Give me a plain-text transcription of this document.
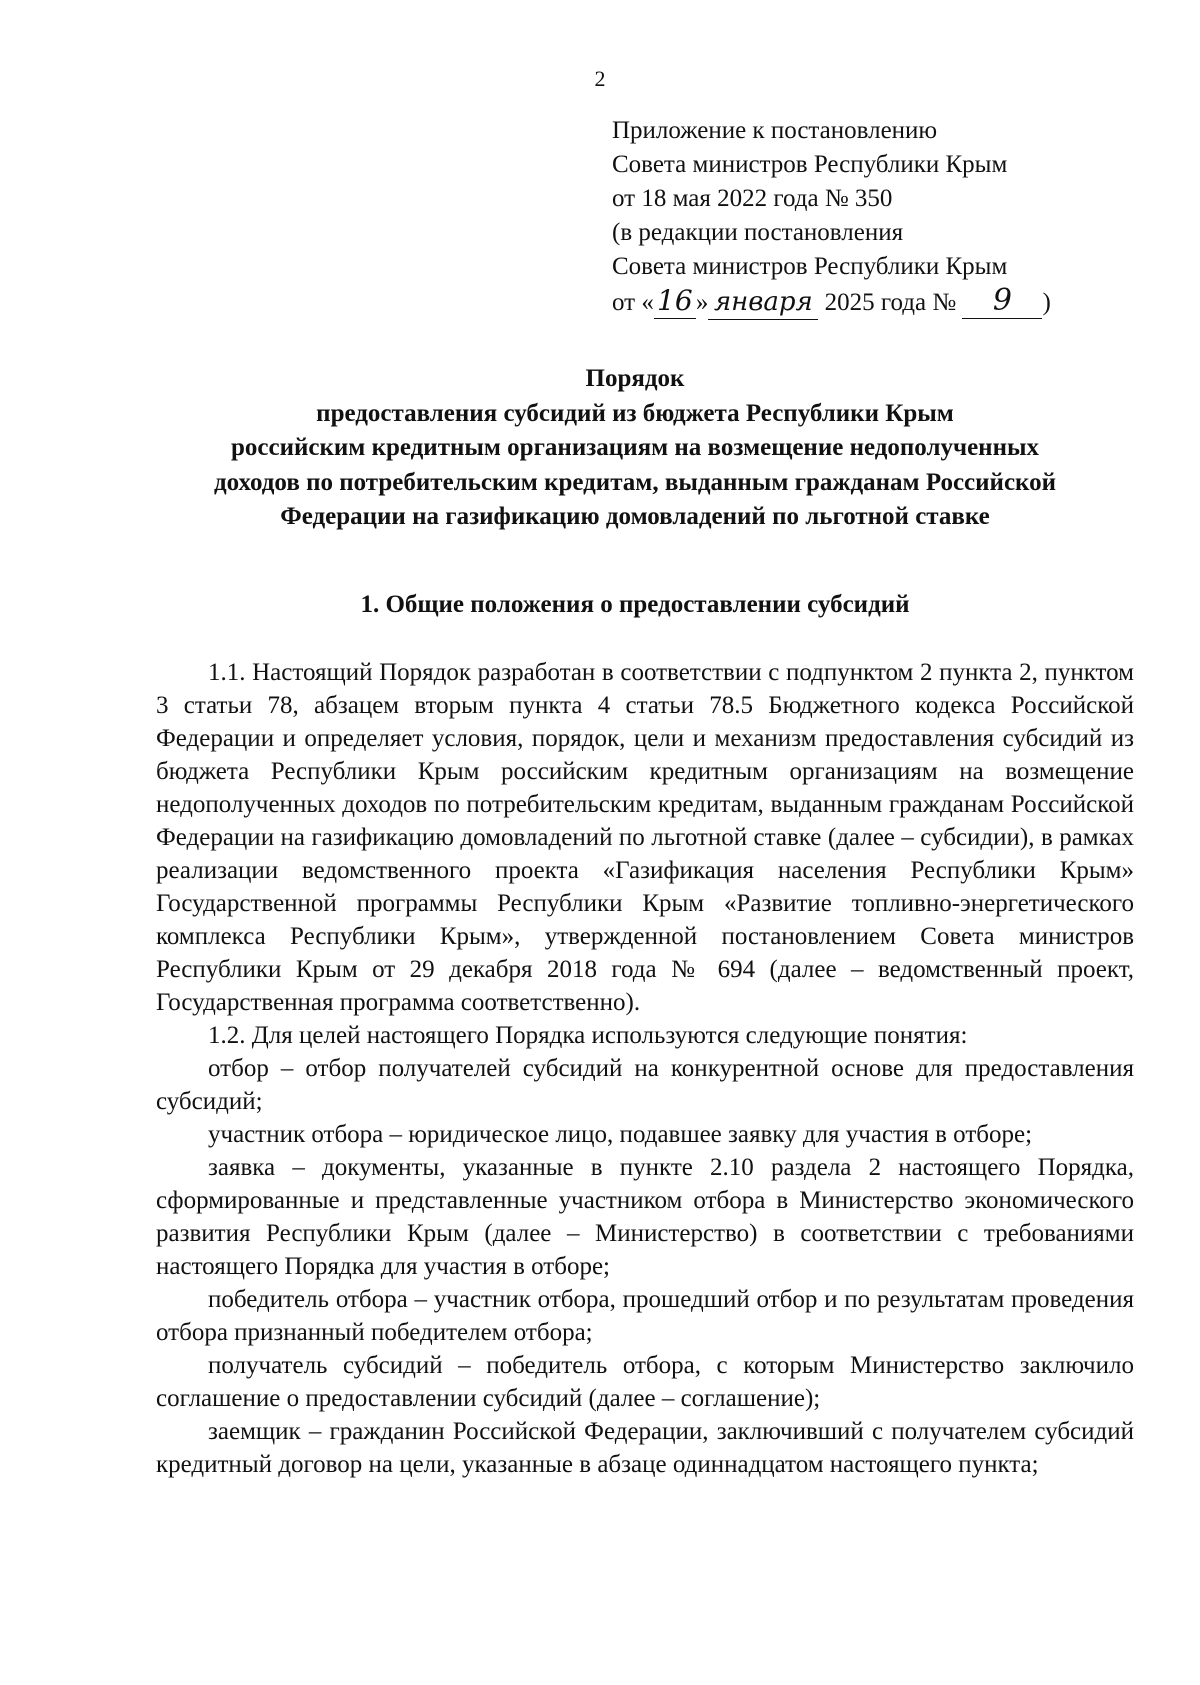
2
Приложение к постановлению
Совета министров Республики Крым
от 18 мая 2022 года № 350
(в редакции постановления
Совета министров Республики Крым
от « 16 » января 2025 года № 9 )
Порядок
предоставления субсидий из бюджета Республики Крым
российским кредитным организациям на возмещение недополученных
доходов по потребительским кредитам, выданным гражданам Российской
Федерации на газификацию домовладений по льготной ставке
1. Общие положения о предоставлении субсидий

1.1. Настоящий Порядок разработан в соответствии с подпунктом 2 пункта 2, пунктом 3 статьи 78, абзацем вторым пункта 4 статьи 78.5 Бюджетного кодекса Российской Федерации и определяет условия, порядок, цели и механизм предоставления субсидий из бюджета Республики Крым российским кредитным организациям на возмещение недополученных доходов по потребительским кредитам, выданным гражданам Российской Федерации на газификацию домовладений по льготной ставке (далее – субсидии), в рамках реализации ведомственного проекта «Газификация населения Республики Крым» Государственной программы Республики Крым «Развитие топливно-энергетического комплекса Республики Крым», утвержденной постановлением Совета министров Республики Крым от 29 декабря 2018 года № 694 (далее – ведомственный проект, Государственная программа соответственно).

1.2. Для целей настоящего Порядка используются следующие понятия:

отбор – отбор получателей субсидий на конкурентной основе для предоставления субсидий;

участник отбора – юридическое лицо, подавшее заявку для участия в отборе;

заявка – документы, указанные в пункте 2.10 раздела 2 настоящего Порядка, сформированные и представленные участником отбора в Министерство экономического развития Республики Крым (далее – Министерство) в соответствии с требованиями настоящего Порядка для участия в отборе;

победитель отбора – участник отбора, прошедший отбор и по результатам проведения отбора признанный победителем отбора;

получатель субсидий – победитель отбора, с которым Министерство заключило соглашение о предоставлении субсидий (далее – соглашение);

заемщик – гражданин Российской Федерации, заключивший с получателем субсидий кредитный договор на цели, указанные в абзаце одиннадцатом настоящего пункта;
